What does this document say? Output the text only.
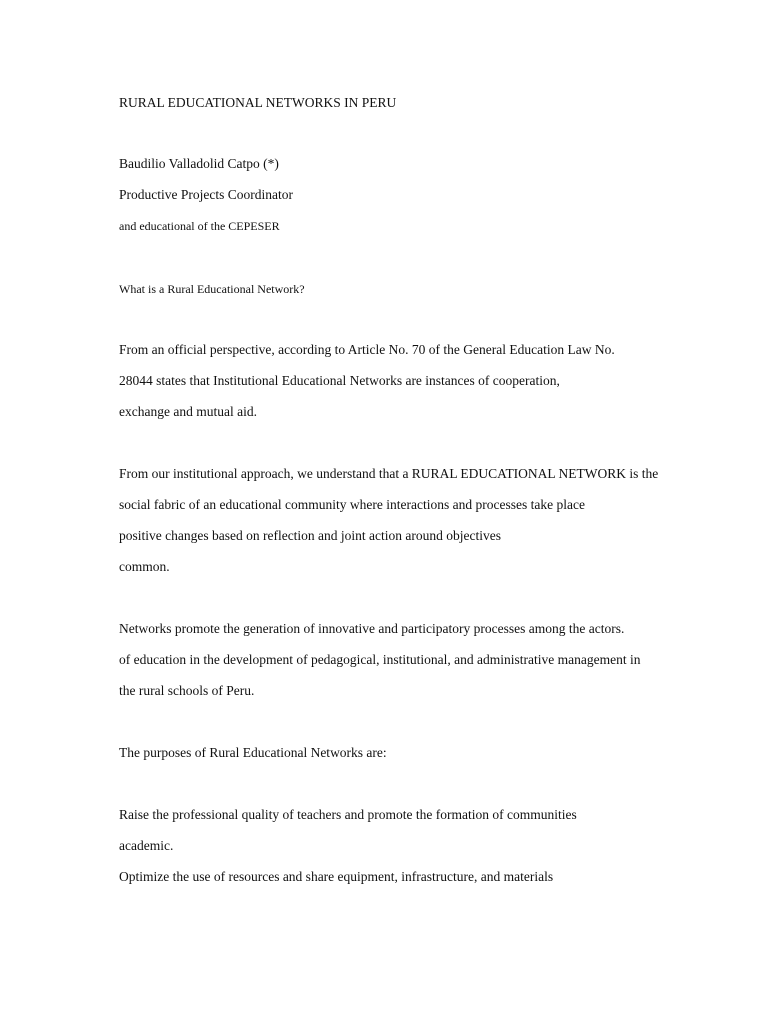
RURAL EDUCATIONAL NETWORKS IN PERU
Baudilio Valladolid Catpo (*)
Productive Projects Coordinator
and educational of the CEPESER
What is a Rural Educational Network?
From an official perspective, according to Article No. 70 of the General Education Law No.
28044 states that Institutional Educational Networks are instances of cooperation,
exchange and mutual aid.
From our institutional approach, we understand that a RURAL EDUCATIONAL NETWORK is the
social fabric of an educational community where interactions and processes take place
positive changes based on reflection and joint action around objectives
common.
Networks promote the generation of innovative and participatory processes among the actors.
of education in the development of pedagogical, institutional, and administrative management in
the rural schools of Peru.
The purposes of Rural Educational Networks are:
Raise the professional quality of teachers and promote the formation of communities
academic.
Optimize the use of resources and share equipment, infrastructure, and materials
